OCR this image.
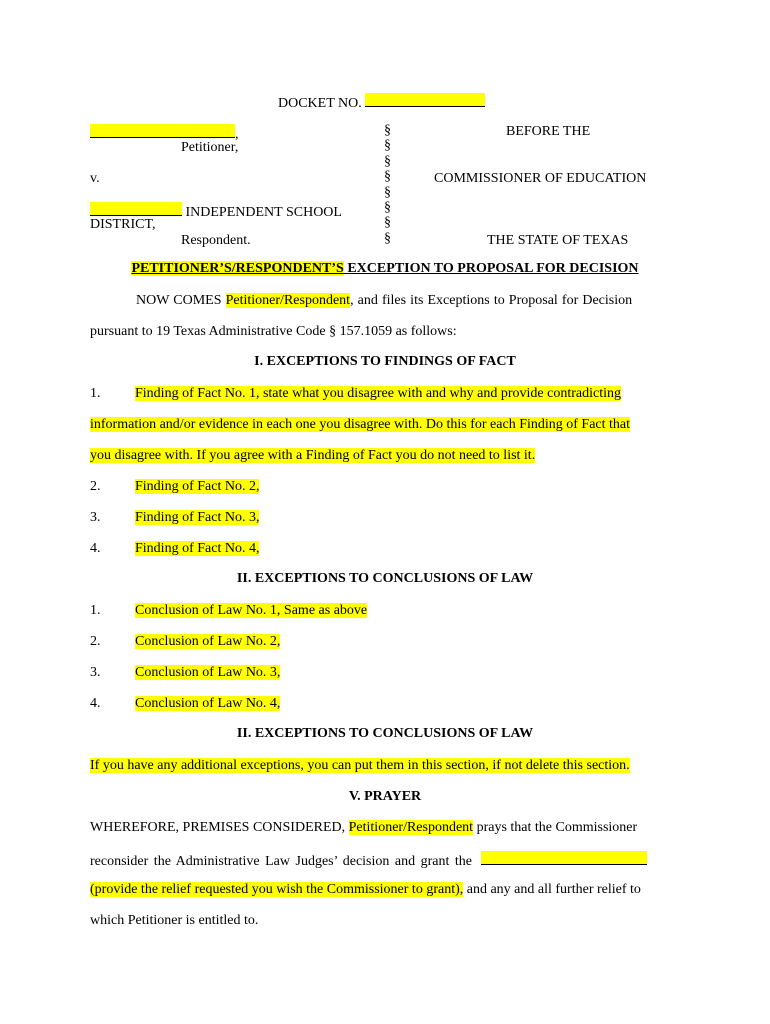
DOCKET NO.
,
Petitioner,
v.
INDEPENDENT SCHOOL
DISTRICT,
Respondent.
§
§
§
§
§
§
§
§
BEFORE THE
COMMISSIONER OF EDUCATION
THE STATE OF TEXAS
PETITIONER’S/RESPONDENT’S EXCEPTION TO PROPOSAL FOR DECISION
NOW COMES Petitioner/Respondent, and files its Exceptions to Proposal for Decision
pursuant to 19 Texas Administrative Code § 157.1059 as follows:
I. EXCEPTIONS TO FINDINGS OF FACT
1. Finding of Fact No. 1, state what you disagree with and why and provide contradicting
information and/or evidence in each one you disagree with. Do this for each Finding of Fact that
you disagree with. If you agree with a Finding of Fact you do not need to list it.
2. Finding of Fact No. 2,
3. Finding of Fact No. 3,
4. Finding of Fact No. 4,
II. EXCEPTIONS TO CONCLUSIONS OF LAW
1. Conclusion of Law No. 1, Same as above
2. Conclusion of Law No. 2,
3. Conclusion of Law No. 3,
4. Conclusion of Law No. 4,
II. EXCEPTIONS TO CONCLUSIONS OF LAW
If you have any additional exceptions, you can put them in this section, if not delete this section.
V. PRAYER
WHEREFORE, PREMISES CONSIDERED, Petitioner/Respondent prays that the Commissioner
reconsider the Administrative Law Judges’ decision and grant the
(provide the relief requested you wish the Commissioner to grant), and any and all further relief to
which Petitioner is entitled to.
